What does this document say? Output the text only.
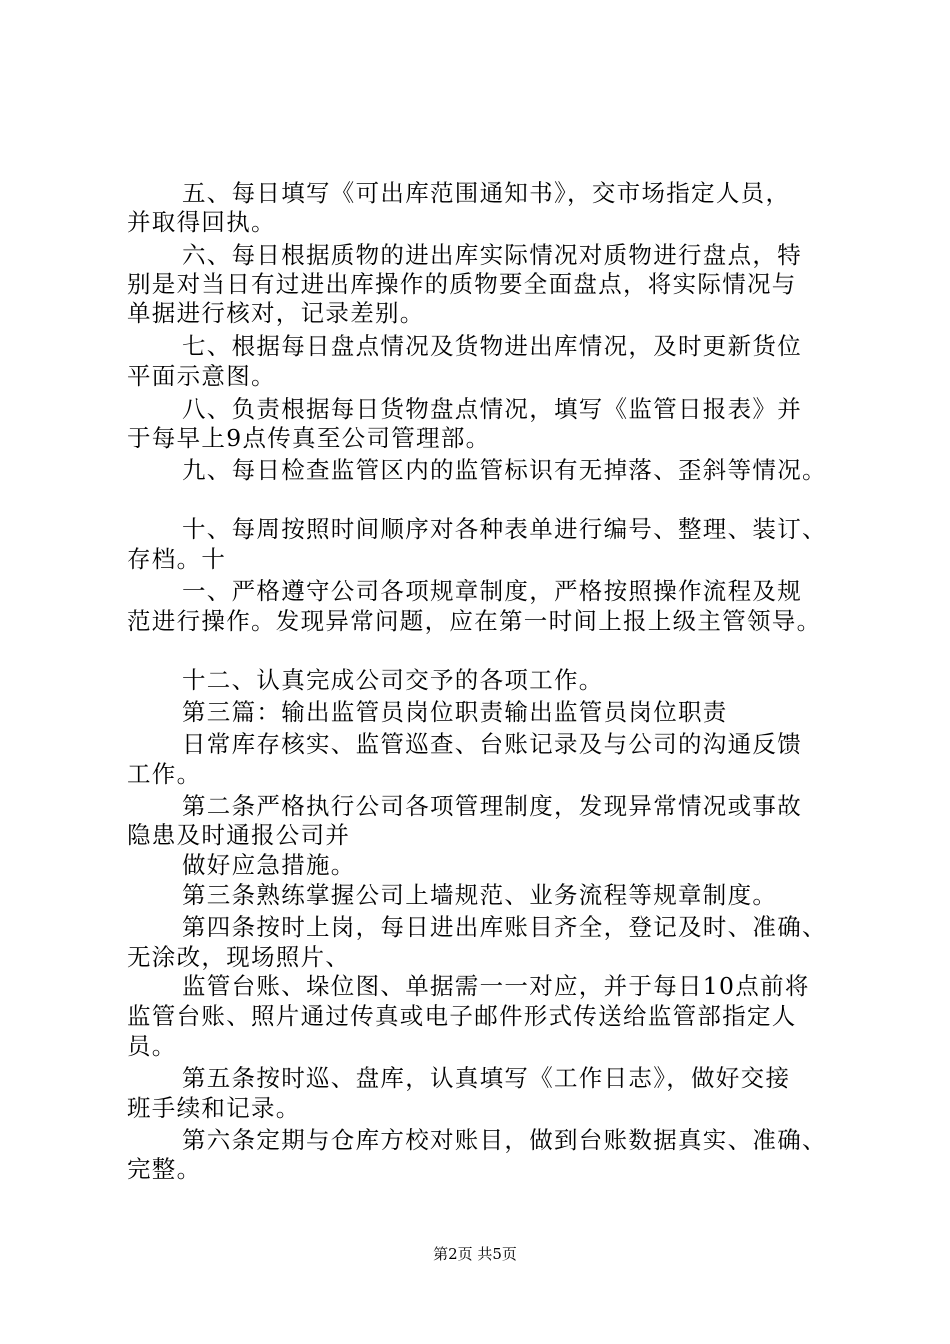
五、每日填写《可出库范围通知书》，交市场指定人员，
并取得回执。
六、每日根据质物的进出库实际情况对质物进行盘点，特
别是对当日有过进出库操作的质物要全面盘点，将实际情况与
单据进行核对，记录差别。
七、根据每日盘点情况及货物进出库情况，及时更新货位
平面示意图。
八、负责根据每日货物盘点情况，填写《监管日报表》并
于每早上9点传真至公司管理部。
九、每日检查监管区内的监管标识有无掉落、歪斜等情况。
十、每周按照时间顺序对各种表单进行编号、整理、装订、
存档。十
一、严格遵守公司各项规章制度，严格按照操作流程及规
范进行操作。发现异常问题，应在第一时间上报上级主管领导。
十二、认真完成公司交予的各项工作。
第三篇：输出监管员岗位职责输出监管员岗位职责
日常库存核实、监管巡查、台账记录及与公司的沟通反馈
工作。
第二条严格执行公司各项管理制度，发现异常情况或事故
隐患及时通报公司并
做好应急措施。
第三条熟练掌握公司上墙规范、业务流程等规章制度。
第四条按时上岗，每日进出库账目齐全，登记及时、准确、
无涂改，现场照片、
监管台账、垛位图、单据需一一对应，并于每日10点前将
监管台账、照片通过传真或电子邮件形式传送给监管部指定人
员。
第五条按时巡、盘库，认真填写《工作日志》，做好交接
班手续和记录。
第六条定期与仓库方校对账目，做到台账数据真实、准确、
完整。
第2页 共5页
